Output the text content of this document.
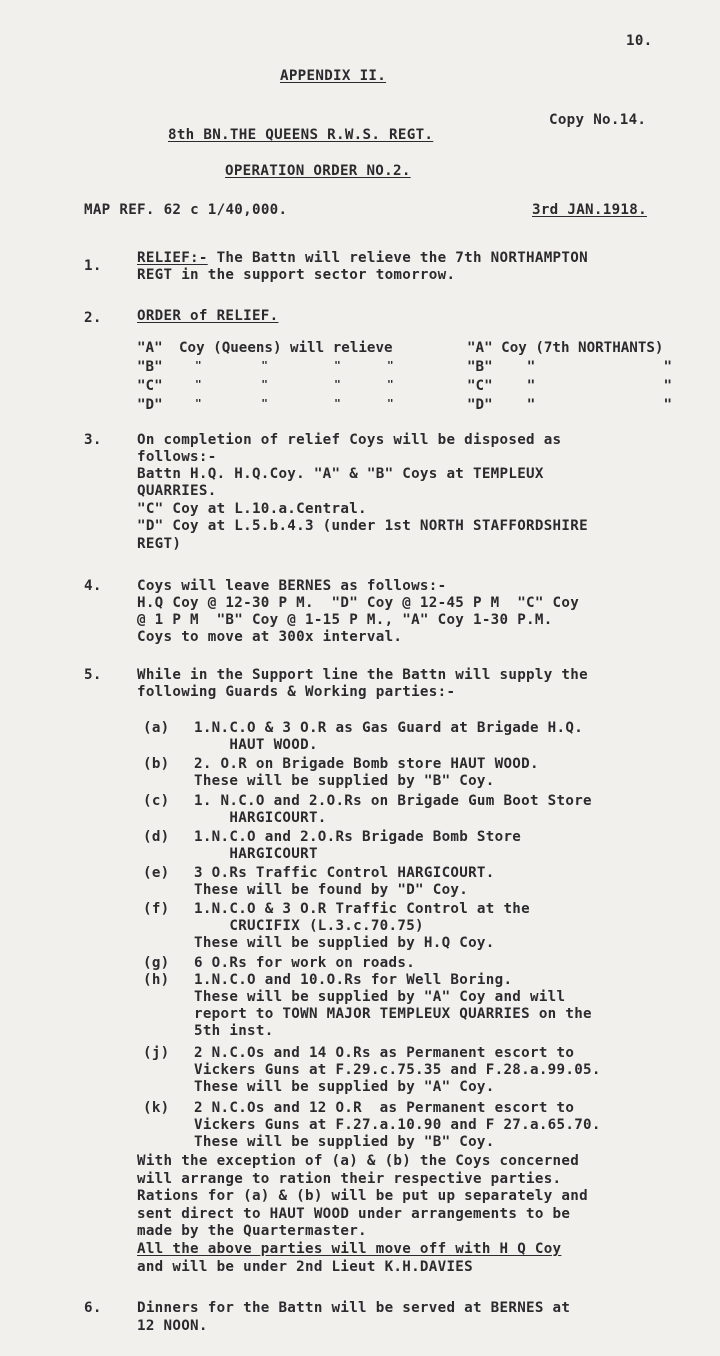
10.
APPENDIX II.
Copy No.14.
8th BN.THE QUEENS R.W.S. REGT.
OPERATION ORDER NO.2.
MAP REF. 62 c 1/40,000.	3rd JAN.1918.
1. RELIEF:- The Battn will relieve the 7th NORTHAMPTON
REGT in the support sector tomorrow.
2. ORDER of RELIEF.
"A" Coy (Queens) will relieve	"A" Coy (7th NORTHANTS)
"B"	"         "          "       "	"B"    "               "
"C"	"         "          "       "	"C"    "               "
"D"	"         "          "       "	"D"    "               "
3. On completion of relief Coys will be disposed as
follows:-
Battn H.Q. H.Q.Coy. "A" & "B" Coys at TEMPLEUX
QUARRIES.
"C" Coy at L.10.a.Central.
"D" Coy at L.5.b.4.3 (under 1st NORTH STAFFORDSHIRE
REGT)
4. Coys will leave BERNES as follows:-
H.Q Coy @ 12-30 P M.  "D" Coy @ 12-45 P M  "C" Coy
@ 1 P M  "B" Coy @ 1-15 P M., "A" Coy 1-30 P.M.
Coys to move at 300x interval.
5. While in the Support line the Battn will supply the
following Guards & Working parties:-
(a) 1.N.C.O & 3 O.R as Gas Guard at Brigade H.Q.
HAUT WOOD.
(b) 2. O.R on Brigade Bomb store HAUT WOOD.
These will be supplied by "B" Coy.
(c) 1. N.C.O and 2.O.Rs on Brigade Gum Boot Store
HARGICOURT.
(d) 1.N.C.O and 2.O.Rs Brigade Bomb Store
HARGICOURT
(e) 3 O.Rs Traffic Control HARGICOURT.
These will be found by "D" Coy.
(f) 1.N.C.O & 3 O.R Traffic Control at the
CRUCIFIX (L.3.c.70.75)
These will be supplied by H.Q Coy.
(g) 6 O.Rs for work on roads.
(h) 1.N.C.O and 10.O.Rs for Well Boring.
These will be supplied by "A" Coy and will
report to TOWN MAJOR TEMPLEUX QUARRIES on the
5th inst.
(j) 2 N.C.Os and 14 O.Rs as Permanent escort to
Vickers Guns at F.29.c.75.35 and F.28.a.99.05.
These will be supplied by "A" Coy.
(k) 2 N.C.Os and 12 O.R  as Permanent escort to
Vickers Guns at F.27.a.10.90 and F 27.a.65.70.
These will be supplied by "B" Coy.
With the exception of (a) & (b) the Coys concerned
will arrange to ration their respective parties.
Rations for (a) & (b) will be put up separately and
sent direct to HAUT WOOD under arrangements to be
made by the Quartermaster.
All the above parties will move off with H Q Coy
and will be under 2nd Lieut K.H.DAVIES
6. Dinners for the Battn will be served at BERNES at
12 NOON.
